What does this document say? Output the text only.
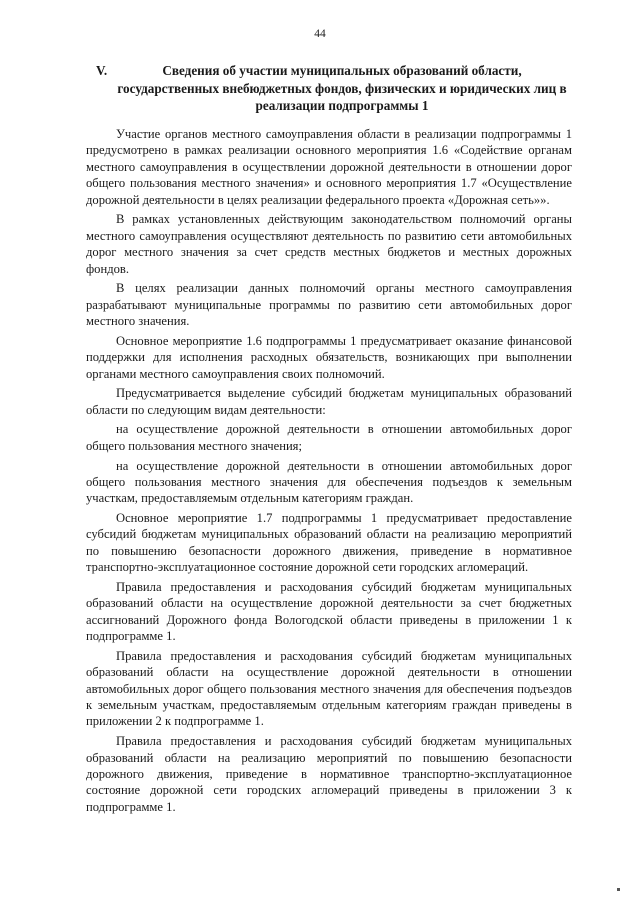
44
V.	Сведения об участии муниципальных образований области, государственных внебюджетных фондов, физических и юридических лиц в реализации подпрограммы 1

Участие органов местного самоуправления области в реализации подпрограммы 1 предусмотрено в рамках реализации основного мероприятия 1.6 «Содействие органам местного самоуправления в осуществлении дорожной деятельности в отношении дорог общего пользования местного значения» и основного мероприятия 1.7 «Осуществление дорожной деятельности в целях реализации федерального проекта «Дорожная сеть»».

В рамках установленных действующим законодательством полномочий органы местного самоуправления осуществляют деятельность по развитию сети автомобильных дорог местного значения за счет средств местных бюджетов и местных дорожных фондов.

В целях реализации данных полномочий органы местного самоуправления разрабатывают муниципальные программы по развитию сети автомобильных дорог местного значения.

Основное мероприятие 1.6 подпрограммы 1 предусматривает оказание финансовой поддержки для исполнения расходных обязательств, возникающих при выполнении органами местного самоуправления своих полномочий.

Предусматривается выделение субсидий бюджетам муниципальных образований области по следующим видам деятельности:

на осуществление дорожной деятельности в отношении автомобильных дорог общего пользования местного значения;

на осуществление дорожной деятельности в отношении автомобильных дорог общего пользования местного значения для обеспечения подъездов к земельным участкам, предоставляемым отдельным категориям граждан.

Основное мероприятие 1.7 подпрограммы 1 предусматривает предоставление субсидий бюджетам муниципальных образований области на реализацию мероприятий по повышению безопасности дорожного движения, приведение в нормативное транспортно-эксплуатационное состояние дорожной сети городских агломераций.

Правила предоставления и расходования субсидий бюджетам муниципальных образований области на осуществление дорожной деятельности за счет бюджетных ассигнований Дорожного фонда Вологодской области приведены в приложении 1 к подпрограмме 1.

Правила предоставления и расходования субсидий бюджетам муниципальных образований области на осуществление дорожной деятельности в отношении автомобильных дорог общего пользования местного значения для обеспечения подъездов к земельным участкам, предоставляемым отдельным категориям граждан приведены в приложении 2 к подпрограмме 1.

Правила предоставления и расходования субсидий бюджетам муниципальных образований области на реализацию мероприятий по повышению безопасности дорожного движения, приведение в нормативное транспортно-эксплуатационное состояние дорожной сети городских агломераций приведены в приложении 3 к подпрограмме 1.
